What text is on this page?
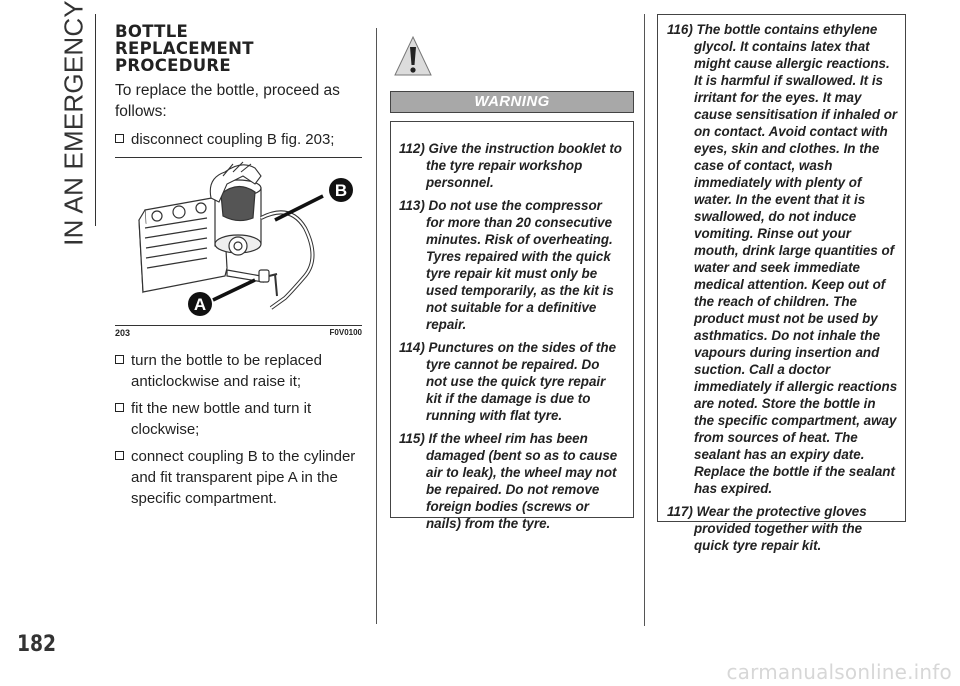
IN AN EMERGENCY
182
BOTTLE
REPLACEMENT
PROCEDURE
To replace the bottle, proceed as follows:
disconnect coupling B fig. 203;
B
A
203	F0V0100
turn the bottle to be replaced anticlockwise and raise it;
fit the new bottle and turn it clockwise;
connect coupling B to the cylinder and fit transparent pipe A in the specific compartment.
WARNING
112) Give the instruction booklet to the tyre repair workshop personnel.
113) Do not use the compressor for more than 20 consecutive minutes. Risk of overheating. Tyres repaired with the quick tyre repair kit must only be used temporarily, as the kit is not suitable for a definitive repair.
114) Punctures on the sides of the tyre cannot be repaired. Do not use the quick tyre repair kit if the damage is due to running with flat tyre.
115) If the wheel rim has been damaged (bent so as to cause air to leak), the wheel may not be repaired. Do not remove foreign bodies (screws or nails) from the tyre.
116) The bottle contains ethylene glycol. It contains latex that might cause allergic reactions. It is harmful if swallowed. It is irritant for the eyes. It may cause sensitisation if inhaled or on contact. Avoid contact with eyes, skin and clothes. In the case of contact, wash immediately with plenty of water. In the event that it is swallowed, do not induce vomiting. Rinse out your mouth, drink large quantities of water and seek immediate medical attention. Keep out of the reach of children. The product must not be used by asthmatics. Do not inhale the vapours during insertion and suction. Call a doctor immediately if allergic reactions are noted. Store the bottle in the specific compartment, away from sources of heat. The sealant has an expiry date. Replace the bottle if the sealant has expired.
117) Wear the protective gloves provided together with the quick tyre repair kit.
carmanualsonline.info
